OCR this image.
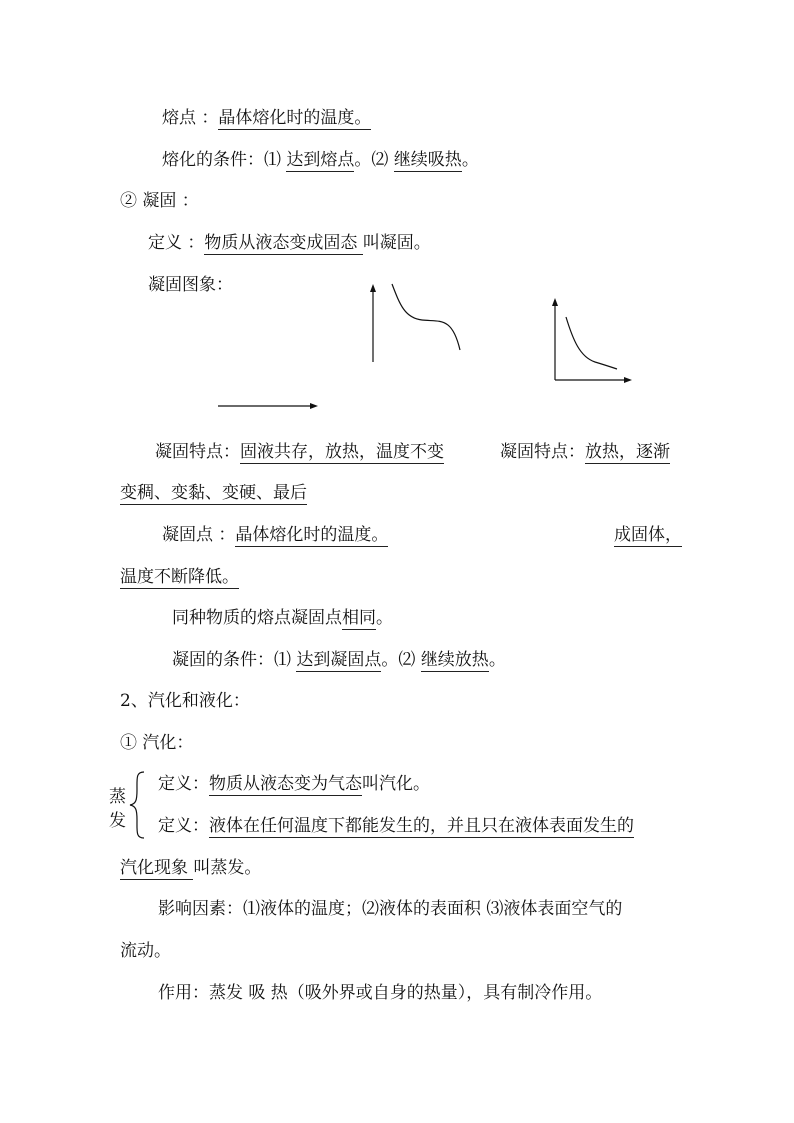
熔点 ：晶体熔化时的温度。
熔化的条件：⑴ 达到熔点。⑵ 继续吸热。
② 凝固 ：
定义 ：物质从液态变成固态 叫凝固。
凝固图象：
凝固特点：固液共存，放热，温度不变	凝固特点：放热，逐渐
变稠、变黏、变硬、最后
凝固点 ：晶体熔化时的温度。	成固体，
温度不断降低。
同种物质的熔点凝固点相同。
凝固的条件：⑴ 达到凝固点。⑵ 继续放热。
2、汽化和液化：
① 汽化：
蒸
发
定义：物质从液态变为气态叫汽化。
定义：液体在任何温度下都能发生的，并且只在液体表面发生的
汽化现象 叫蒸发。
影响因素：⑴液体的温度；⑵液体的表面积 ⑶液体表面空气的
流动。
作用：蒸发 吸 热（吸外界或自身的热量），具有制冷作用。
